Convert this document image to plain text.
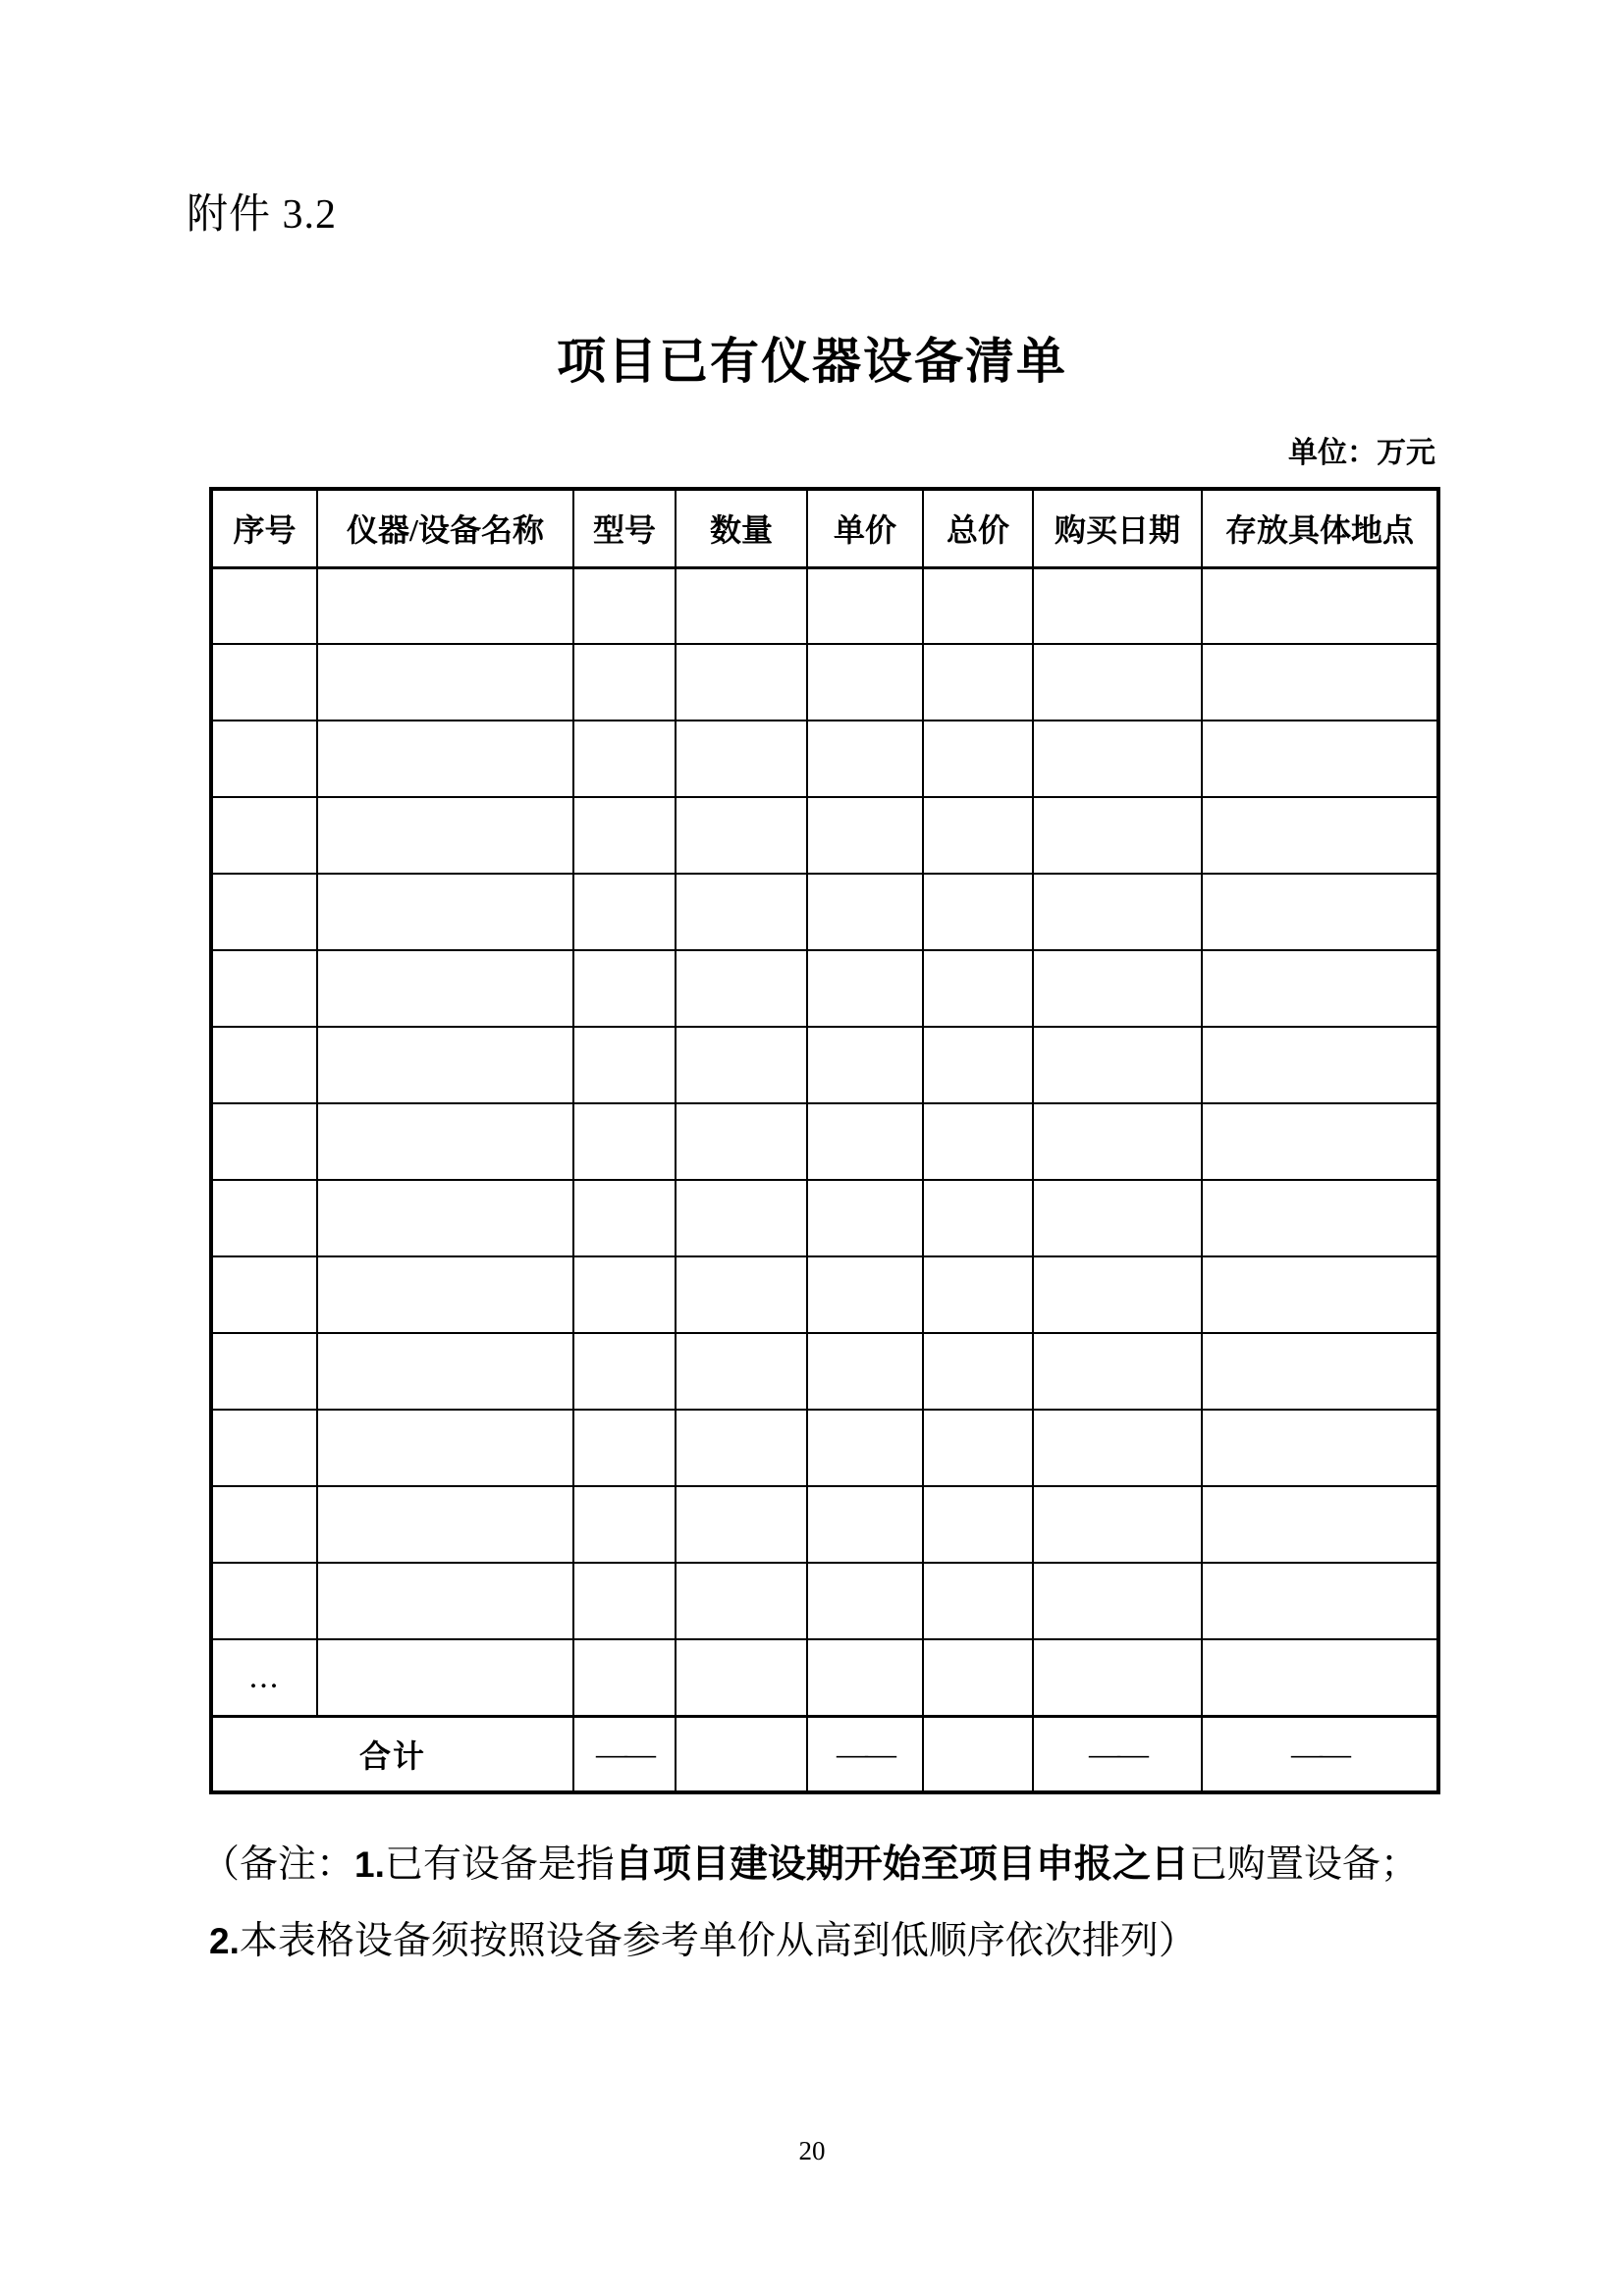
附件 3.2
项目已有仪器设备清单
单位：万元
序号	仪器/设备名称	型号	数量	单价	总价	购买日期	存放具体地点

...							
合计		——		——		——	——
（备注：1.已有设备是指自项目建设期开始至项目申报之日已购置设备；
2.本表格设备须按照设备参考单价从高到低顺序依次排列）
20
